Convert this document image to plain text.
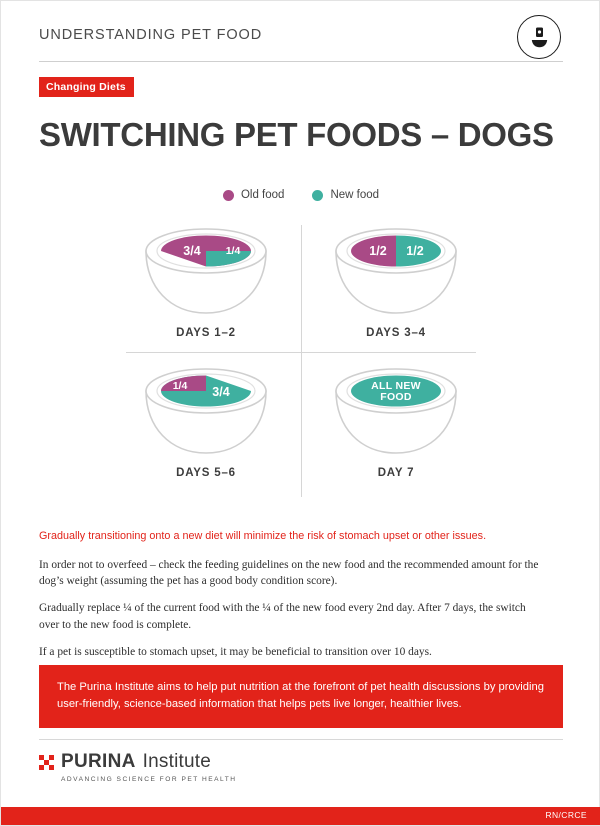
UNDERSTANDING PET FOOD
Changing Diets
SWITCHING PET FOODS – DOGS
Old food	New food
3/4 1/4
DAYS 1–2
1/2 1/2
DAYS 3–4
1/4 3/4
DAYS 5–6
ALL NEW
FOOD
DAY 7
Gradually transitioning onto a new diet will minimize the risk of stomach upset or other issues.

In order not to overfeed – check the feeding guidelines on the new food and the recommended amount for the dog’s weight (assuming the pet has a good body condition score).

Gradually replace ¼ of the current food with the ¼ of the new food every 2nd day. After 7 days, the switch over to the new food is complete.

If a pet is susceptible to stomach upset, it may be beneficial to transition over 10 days.

The Purina Institute aims to help put nutrition at the forefront of pet health discussions by providing user-friendly, science-based information that helps pets live longer, healthier lives.
PURINA Institute
ADVANCING SCIENCE FOR PET HEALTH
RN/CRCE
